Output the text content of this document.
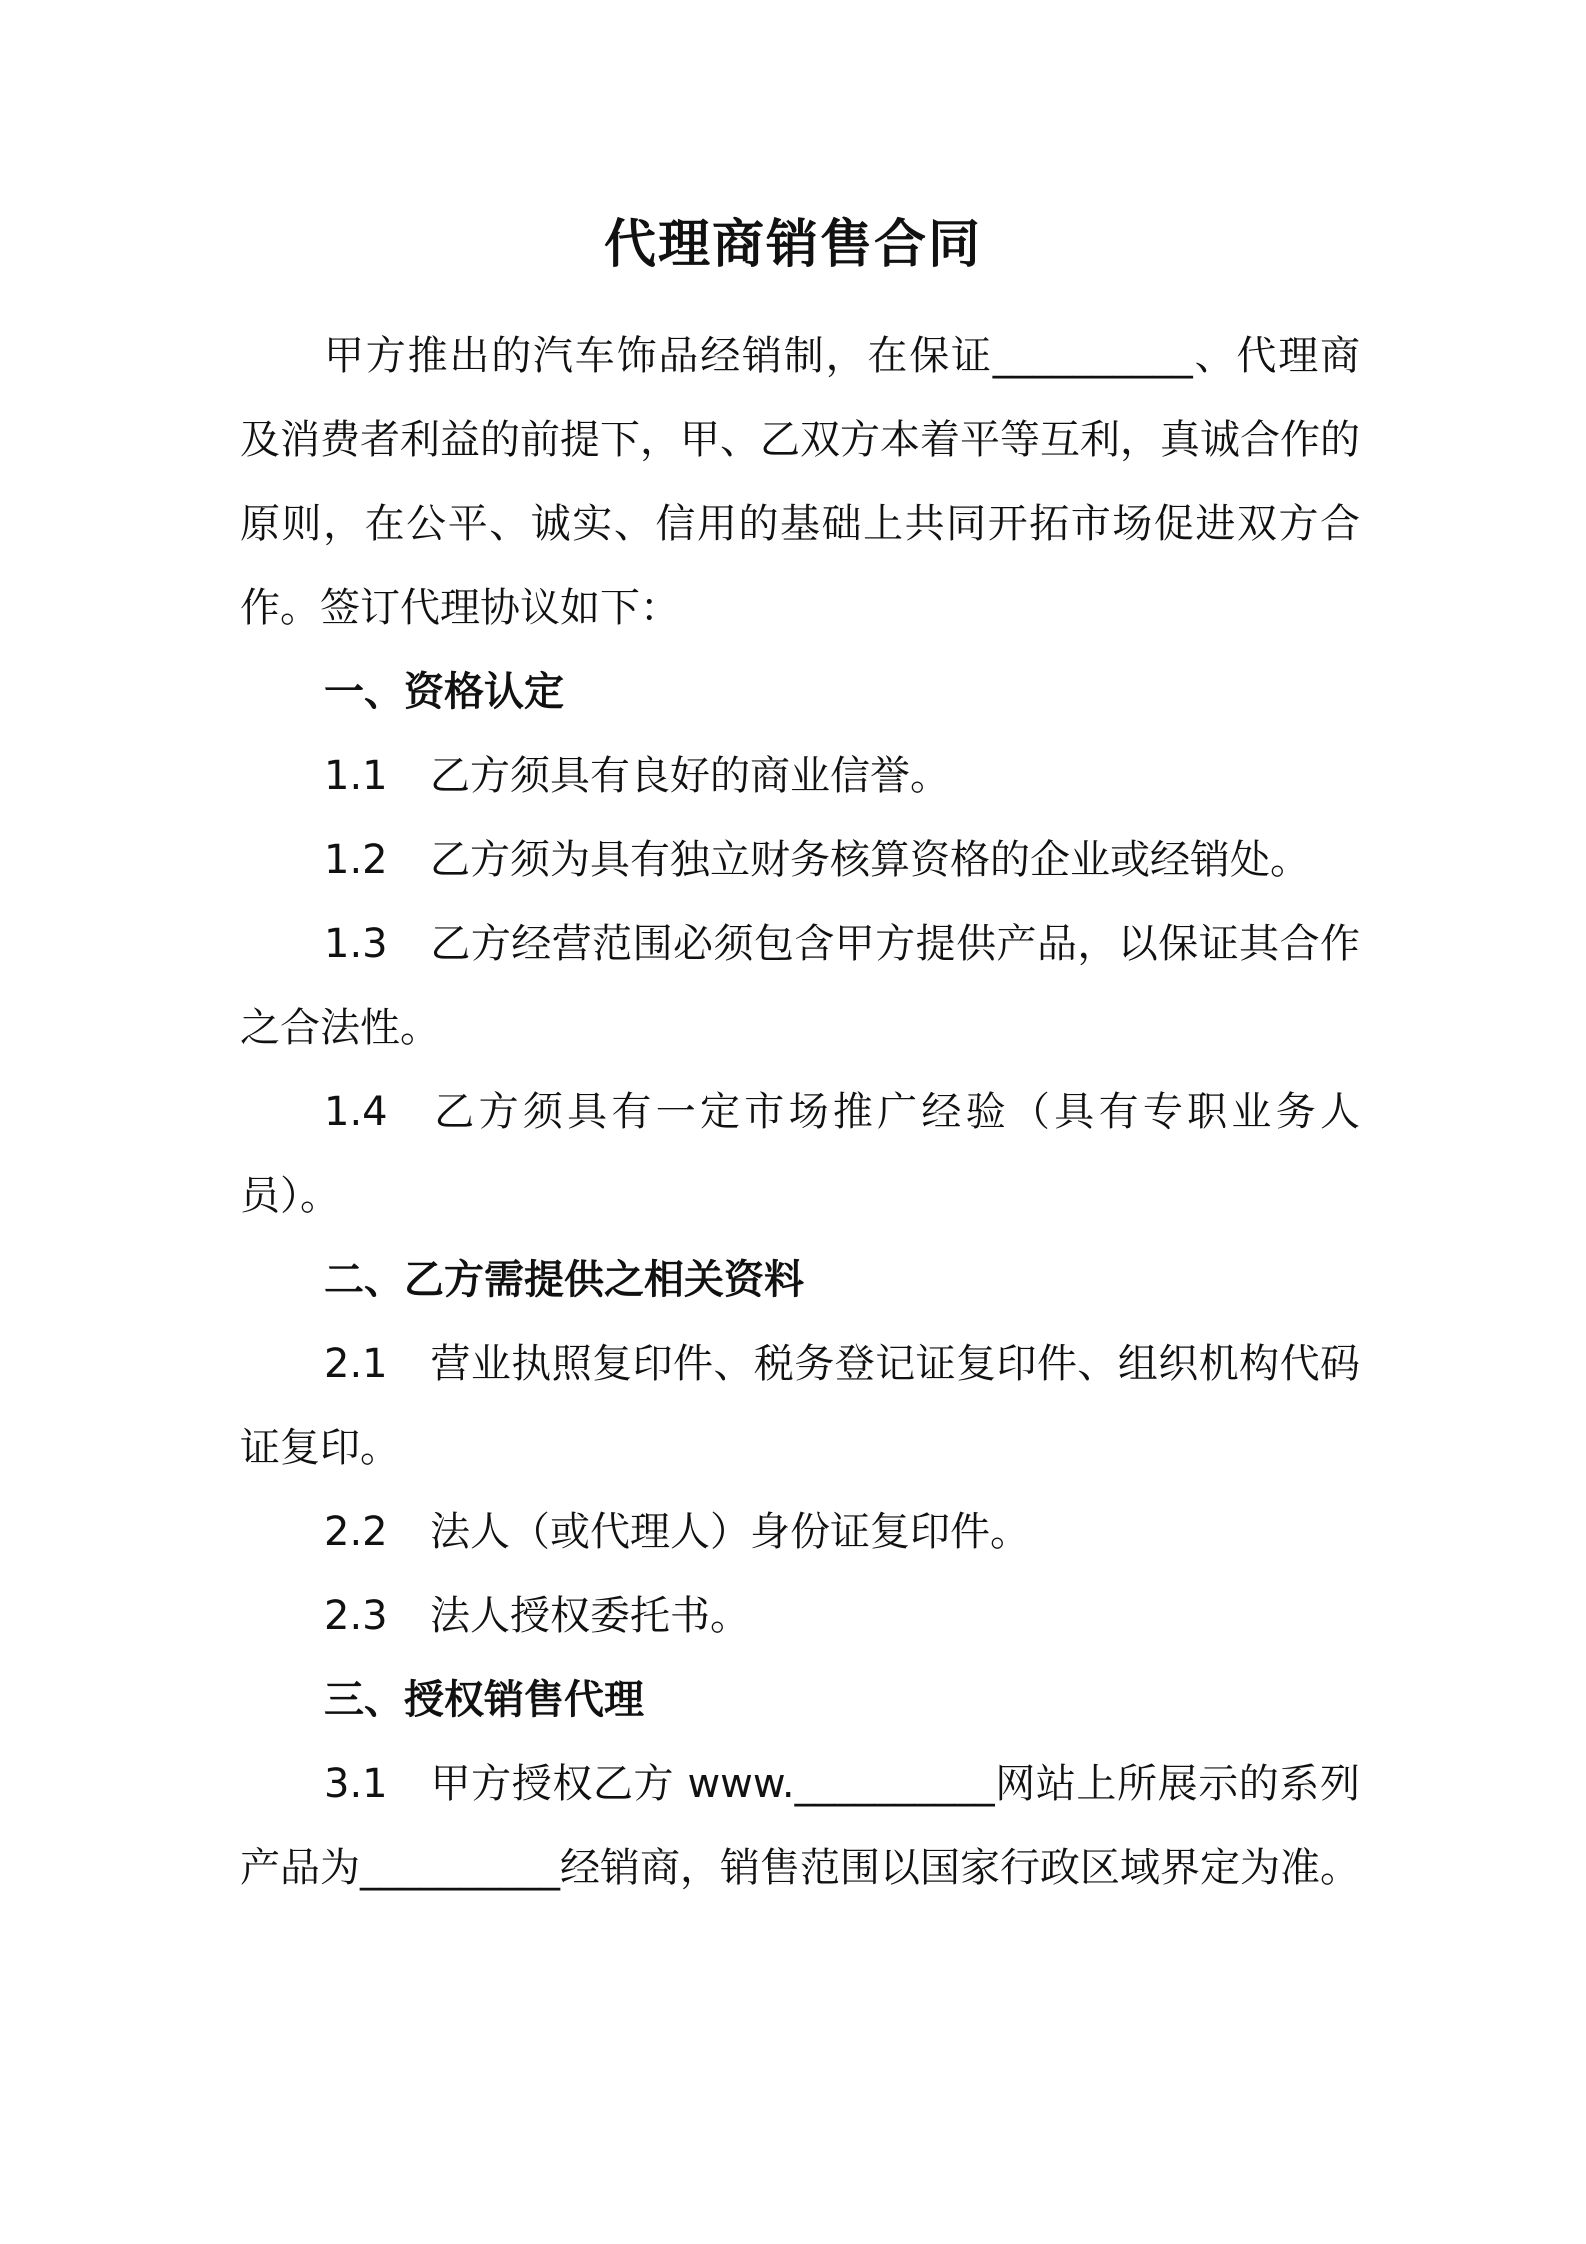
代理商销售合同

甲方推出的汽车饰品经销制，在保证__________、代理商及消费者利益的前提下，甲、乙双方本着平等互利，真诚合作的原则，在公平、诚实、信用的基础上共同开拓市场促进双方合作。签订代理协议如下：

一、资格认定

1.1 乙方须具有良好的商业信誉。

1.2 乙方须为具有独立财务核算资格的企业或经销处。

1.3 乙方经营范围必须包含甲方提供产品，以保证其合作之合法性。

1.4 乙方须具有一定市场推广经验（具有专职业务人员）。

二、乙方需提供之相关资料

2.1 营业执照复印件、税务登记证复印件、组织机构代码证复印。

2.2 法人（或代理人）身份证复印件。

2.3 法人授权委托书。

三、授权销售代理

3.1 甲方授权乙方 www.__________网站上所展示的系列产品为__________经销商，销售范围以国家行政区域界定为准。
